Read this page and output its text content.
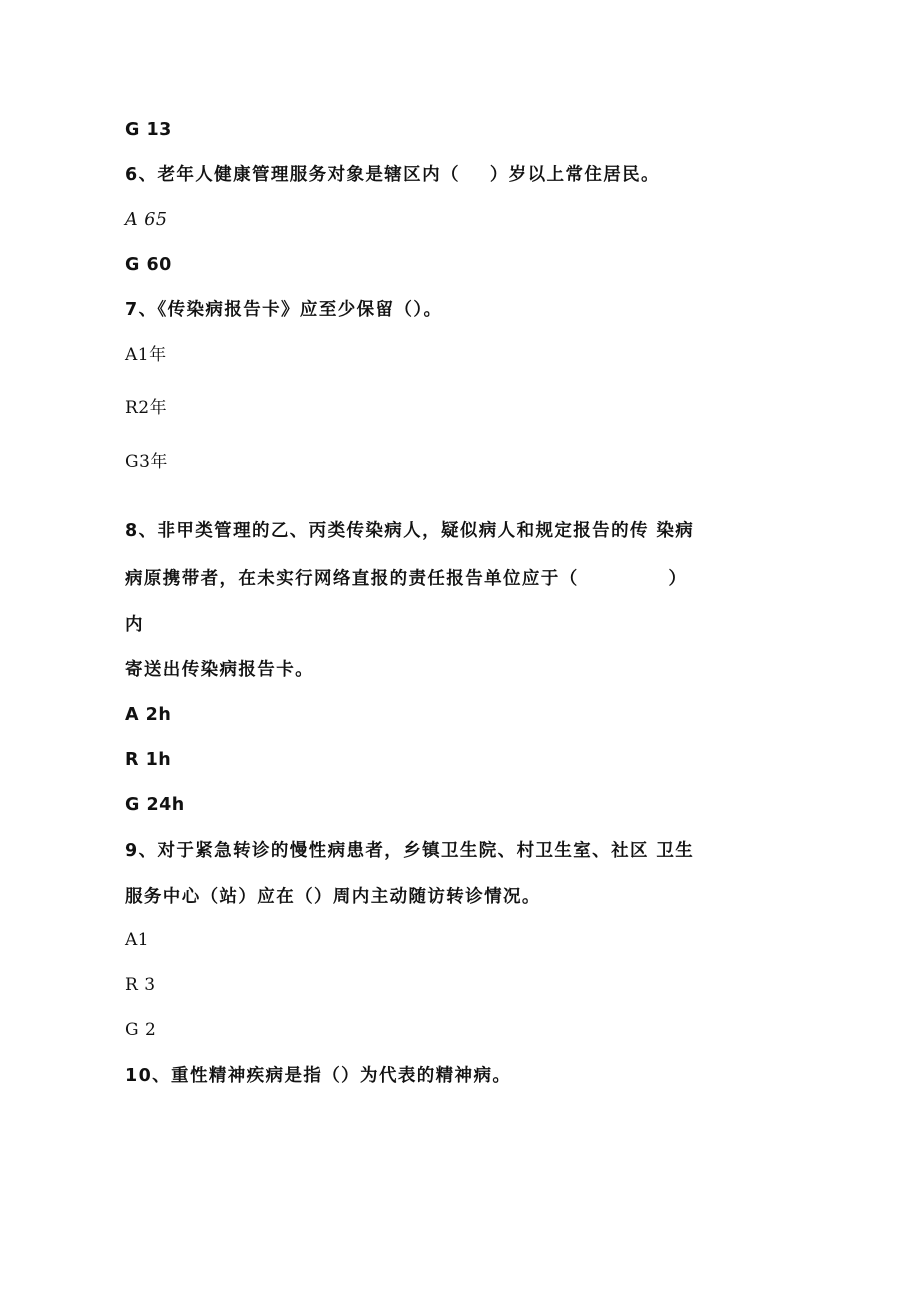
G 13
6、老年人健康管理服务对象是辖区内（    ）岁以上常住居民。
A 65
G 60
7、《传染病报告卡》应至少保留（）。
A1年
R2年
G3年
8、非甲类管理的乙、丙类传染病人，疑似病人和规定报告的传 染病
病原携带者，在未实行网络直报的责任报告单位应于（            ）
内
寄送出传染病报告卡。
A 2h
R 1h
G 24h
9、对于紧急转诊的慢性病患者，乡镇卫生院、村卫生室、社区 卫生
服务中心（站）应在（）周内主动随访转诊情况。
A1
R 3
G 2
10、重性精神疾病是指（）为代表的精神病。
